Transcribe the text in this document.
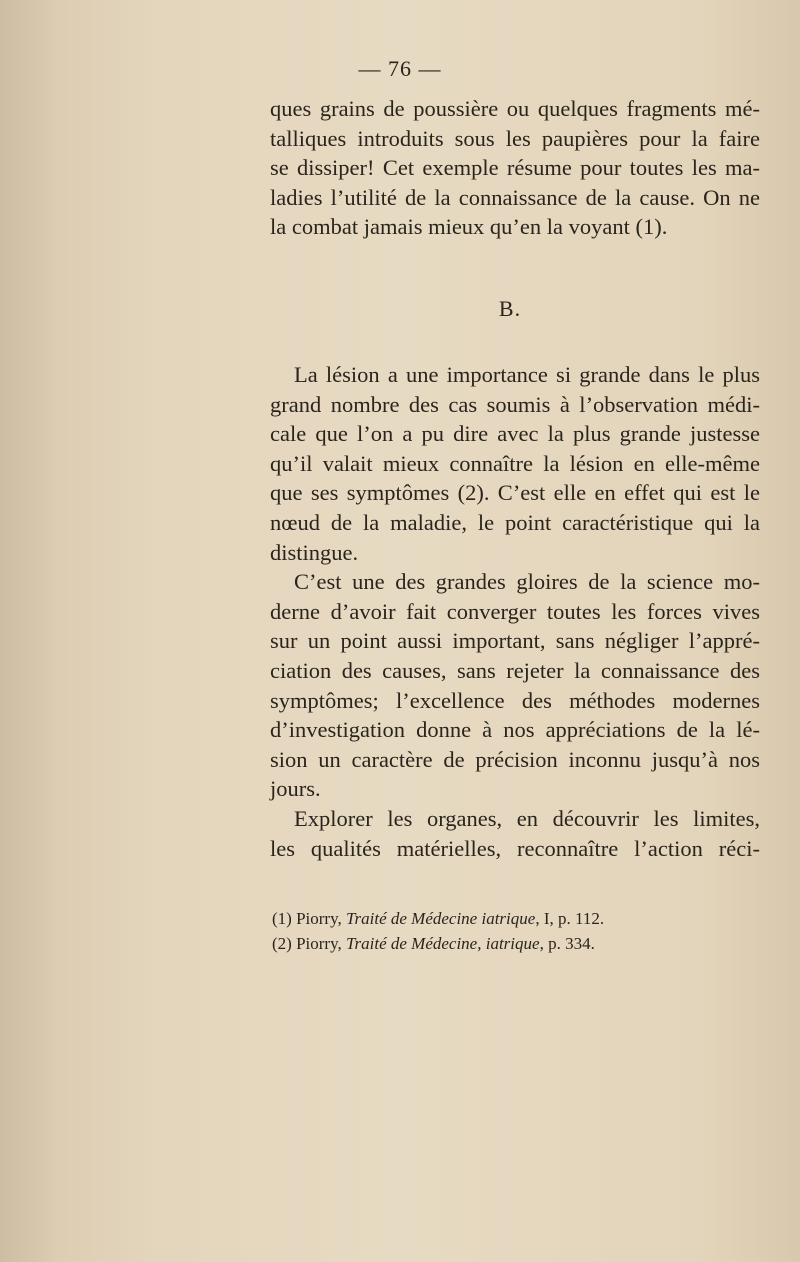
— 76 —
ques grains de poussière ou quelques fragments mé-
talliques introduits sous les paupières pour la faire
se dissiper! Cet exemple résume pour toutes les ma-
ladies l’utilité de la connaissance de la cause. On ne
la combat jamais mieux qu’en la voyant (1).
B.
La lésion a une importance si grande dans le plus
grand nombre des cas soumis à l’observation médi-
cale que l’on a pu dire avec la plus grande justesse
qu’il valait mieux connaître la lésion en elle-même
que ses symptômes (2). C’est elle en effet qui est le
nœud de la maladie, le point caractéristique qui la
distingue.
C’est une des grandes gloires de la science mo-
derne d’avoir fait converger toutes les forces vives
sur un point aussi important, sans négliger l’appré-
ciation des causes, sans rejeter la connaissance des
symptômes; l’excellence des méthodes modernes
d’investigation donne à nos appréciations de la lé-
sion un caractère de précision inconnu jusqu’à nos
jours.
Explorer les organes, en découvrir les limites,
les qualités matérielles, reconnaître l’action réci-
(1) Piorry, Traité de Médecine iatrique, I, p. 112.
(2) Piorry, Traité de Médecine, iatrique, p. 334.
